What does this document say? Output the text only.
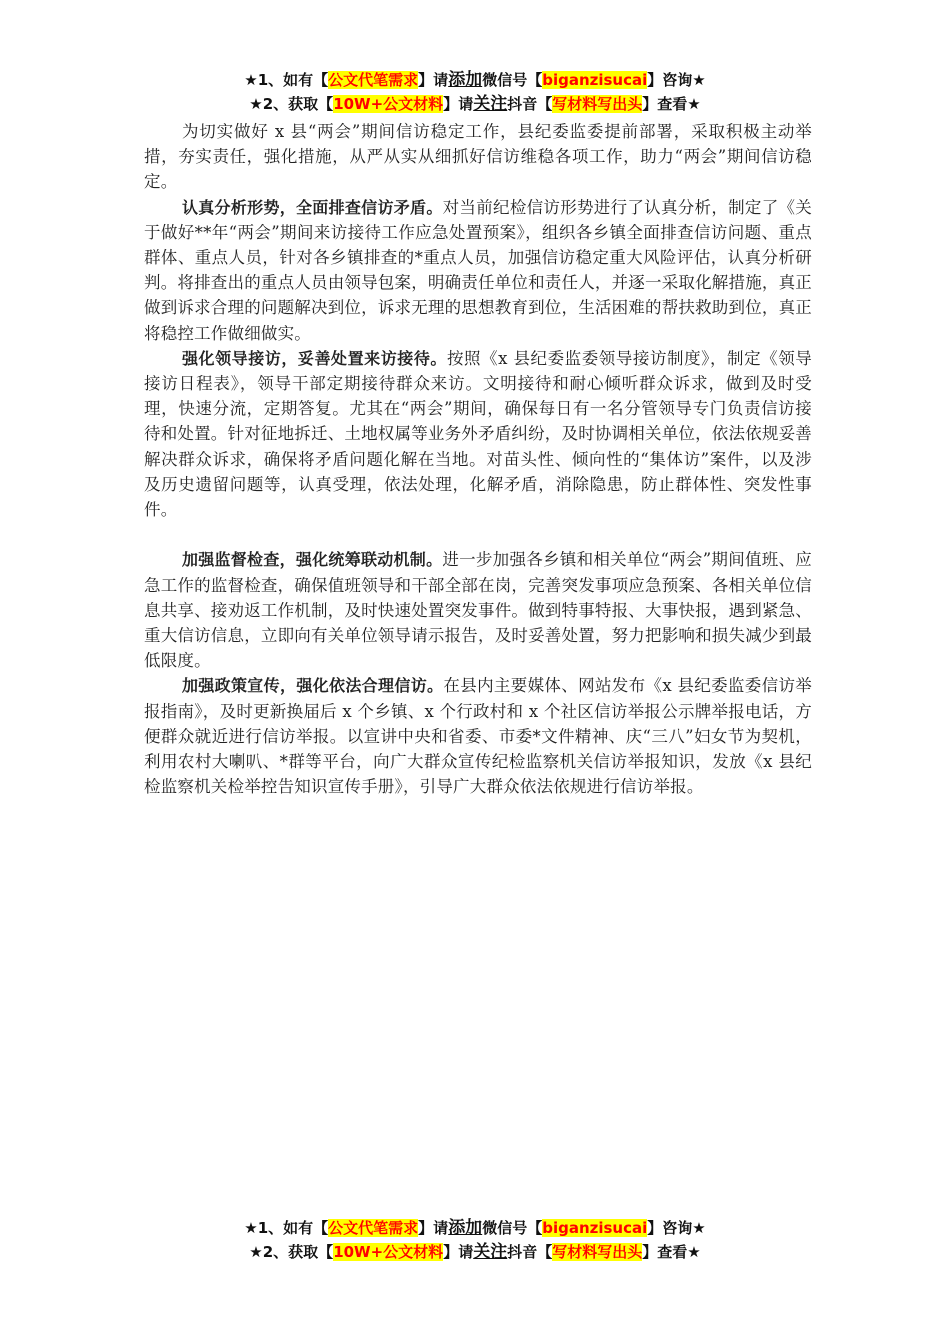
★1、如有【公文代笔需求】请添加微信号【biganzisucai】咨询★
★2、获取【10W+公文材料】请关注抖音【写材料写出头】查看★

为切实做好 x 县“两会”期间信访稳定工作，县纪委监委提前部署，采取积极主动举措，夯实责任，强化措施，从严从实从细抓好信访维稳各项工作，助力“两会”期间信访稳定。

认真分析形势，全面排查信访矛盾。对当前纪检信访形势进行了认真分析，制定了《关于做好**年“两会”期间来访接待工作应急处置预案》，组织各乡镇全面排查信访问题、重点群体、重点人员，针对各乡镇排查的*重点人员，加强信访稳定重大风险评估，认真分析研判。将排查出的重点人员由领导包案，明确责任单位和责任人，并逐一采取化解措施，真正做到诉求合理的问题解决到位，诉求无理的思想教育到位，生活困难的帮扶救助到位，真正将稳控工作做细做实。

强化领导接访，妥善处置来访接待。按照《x 县纪委监委领导接访制度》，制定《领导接访日程表》，领导干部定期接待群众来访。文明接待和耐心倾听群众诉求，做到及时受理，快速分流，定期答复。尤其在“两会”期间，确保每日有一名分管领导专门负责信访接待和处置。针对征地拆迁、土地权属等业务外矛盾纠纷，及时协调相关单位，依法依规妥善解决群众诉求，确保将矛盾问题化解在当地。对苗头性、倾向性的“集体访”案件，以及涉及历史遗留问题等，认真受理，依法处理，化解矛盾，消除隐患，防止群体性、突发性事件。

加强监督检查，强化统筹联动机制。进一步加强各乡镇和相关单位“两会”期间值班、应急工作的监督检查，确保值班领导和干部全部在岗，完善突发事项应急预案、各相关单位信息共享、接劝返工作机制，及时快速处置突发事件。做到特事特报、大事快报，遇到紧急、重大信访信息，立即向有关单位领导请示报告，及时妥善处置，努力把影响和损失减少到最低限度。

加强政策宣传，强化依法合理信访。在县内主要媒体、网站发布《x 县纪委监委信访举报指南》，及时更新换届后 x 个乡镇、x 个行政村和 x 个社区信访举报公示牌举报电话，方便群众就近进行信访举报。以宣讲中央和省委、市委*文件精神、庆“三八”妇女节为契机，利用农村大喇叭、*群等平台，向广大群众宣传纪检监察机关信访举报知识，发放《x 县纪检监察机关检举控告知识宣传手册》，引导广大群众依法依规进行信访举报。

★1、如有【公文代笔需求】请添加微信号【biganzisucai】咨询★
★2、获取【10W+公文材料】请关注抖音【写材料写出头】查看★
